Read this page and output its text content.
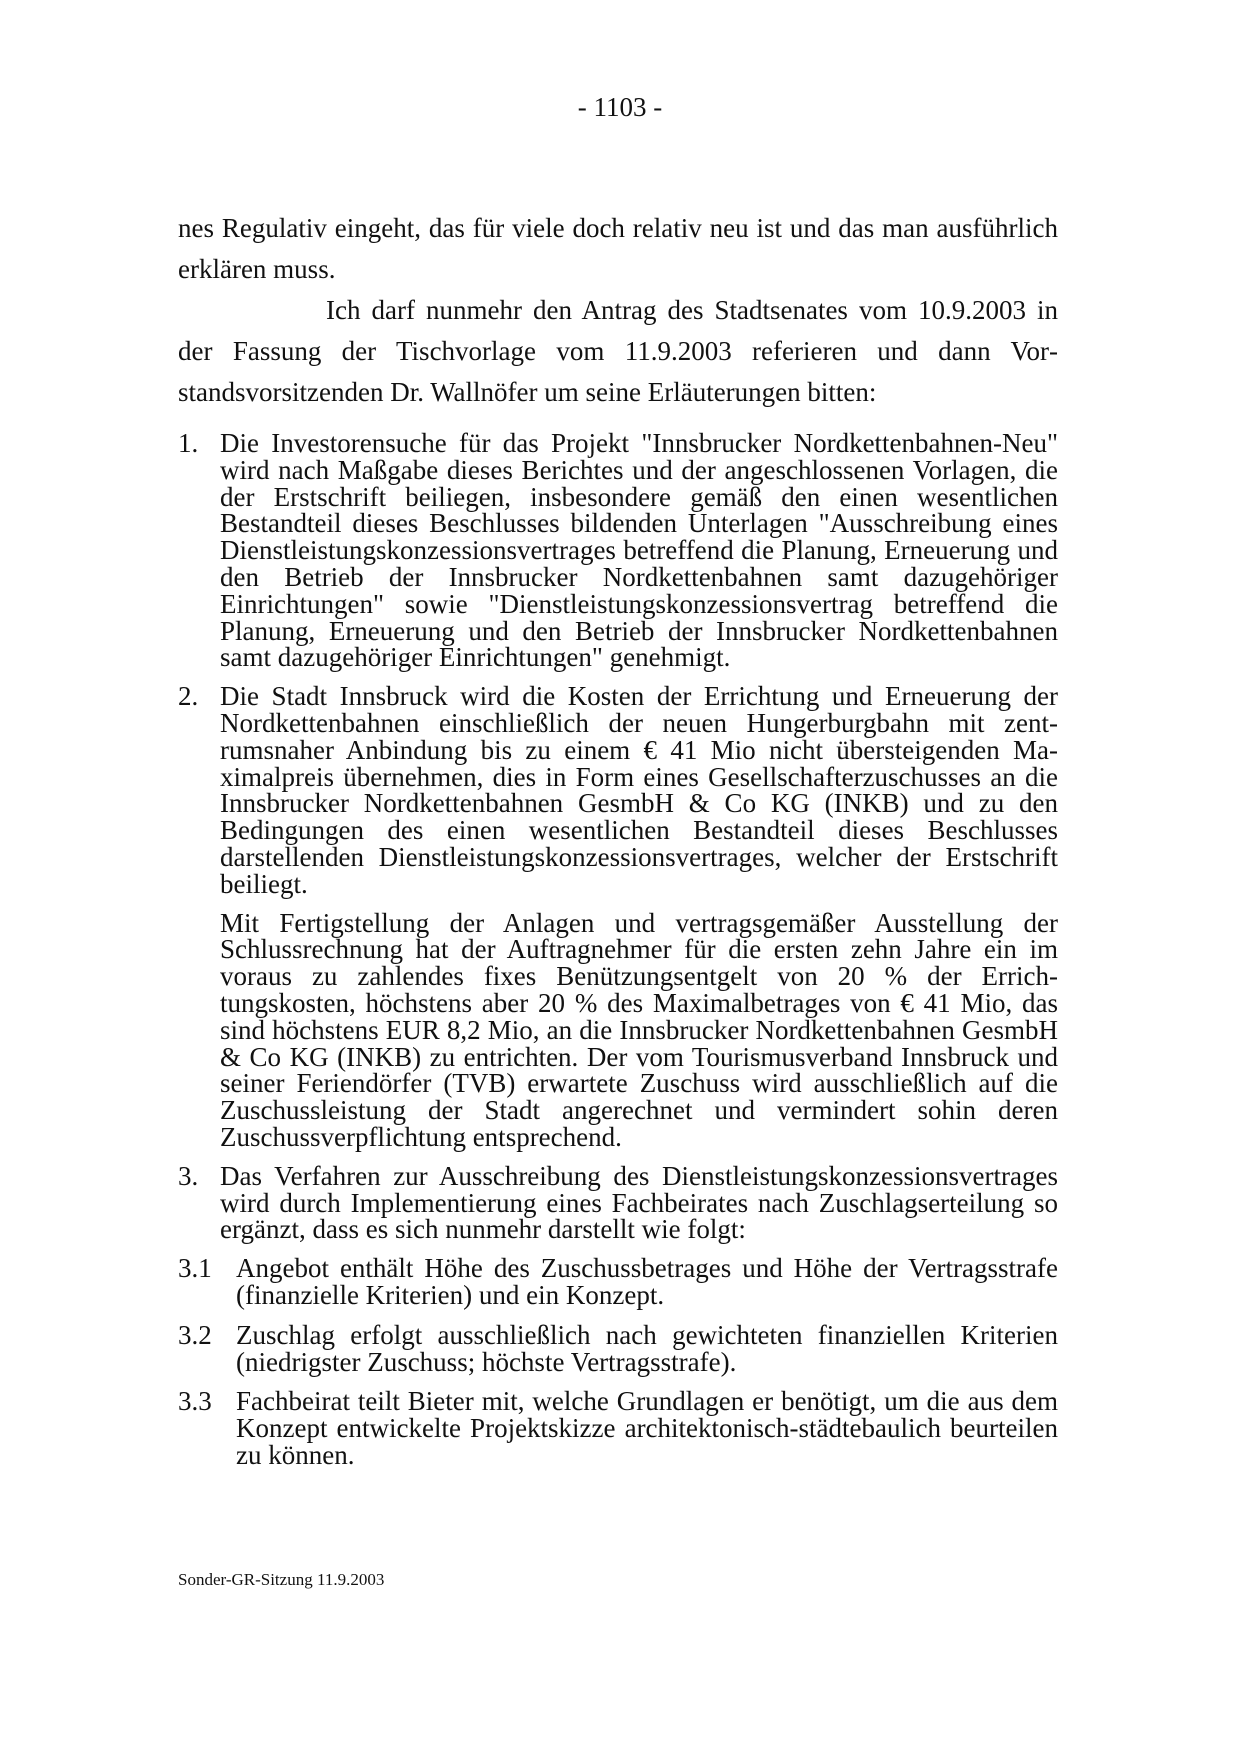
- 1103 -

nes Regulativ eingeht, das für viele doch relativ neu ist und das man ausführlich erklären muss.

Ich darf nunmehr den Antrag des Stadtsenates vom 10.9.2003 in der Fassung der Tischvorlage vom 11.9.2003 referieren und dann Vorstandsvorsitzenden Dr. Wallnöfer um seine Erläuterungen bitten:

1. Die Investorensuche für das Projekt "Innsbrucker Nordkettenbahnen-Neu" wird nach Maßgabe dieses Berichtes und der angeschlossenen Vorlagen, die der Erstschrift beiliegen, insbesondere gemäß den einen wesentlichen Bestandteil dieses Beschlusses bildenden Unterlagen "Ausschreibung eines Dienstleistungskonzessionsvertrages betreffend die Planung, Erneuerung und den Betrieb der Innsbrucker Nordkettenbahnen samt dazugehöriger Einrichtungen" sowie "Dienstleistungskonzessionsvertrag betreffend die Planung, Erneuerung und den Betrieb der Innsbrucker Nordkettenbahnen samt dazugehöriger Einrichtungen" genehmigt.
2. Die Stadt Innsbruck wird die Kosten der Errichtung und Erneuerung der Nordkettenbahnen einschließlich der neuen Hungerburgbahn mit zentrumsnaher Anbindung bis zu einem € 41 Mio nicht übersteigenden Maximalpreis übernehmen, dies in Form eines Gesellschafterzuschusses an die Innsbrucker Nordkettenbahnen GesmbH & Co KG (INKB) und zu den Bedingungen des einen wesentlichen Bestandteil dieses Beschlusses darstellenden Dienstleistungskonzessionsvertrages, welcher der Erstschrift beiliegt.
Mit Fertigstellung der Anlagen und vertragsgemäßer Ausstellung der Schlussrechnung hat der Auftragnehmer für die ersten zehn Jahre ein im voraus zu zahlendes fixes Benützungsentgelt von 20 % der Errichtungskosten, höchstens aber 20 % des Maximalbetrages von € 41 Mio, das sind höchstens EUR 8,2 Mio, an die Innsbrucker Nordkettenbahnen GesmbH & Co KG (INKB) zu entrichten. Der vom Tourismusverband Innsbruck und seiner Feriendörfer (TVB) erwartete Zuschuss wird ausschließlich auf die Zuschussleistung der Stadt angerechnet und vermindert sohin deren Zuschussverpflichtung entsprechend.
3. Das Verfahren zur Ausschreibung des Dienstleistungskonzessionsvertrages wird durch Implementierung eines Fachbeirates nach Zuschlagserteilung so ergänzt, dass es sich nunmehr darstellt wie folgt:
3.1 Angebot enthält Höhe des Zuschussbetrages und Höhe der Vertragsstrafe (finanzielle Kriterien) und ein Konzept.
3.2 Zuschlag erfolgt ausschließlich nach gewichteten finanziellen Kriterien (niedrigster Zuschuss; höchste Vertragsstrafe).
3.3 Fachbeirat teilt Bieter mit, welche Grundlagen er benötigt, um die aus dem Konzept entwickelte Projektskizze architektonisch-städtebaulich beurteilen zu können.
Sonder-GR-Sitzung 11.9.2003
